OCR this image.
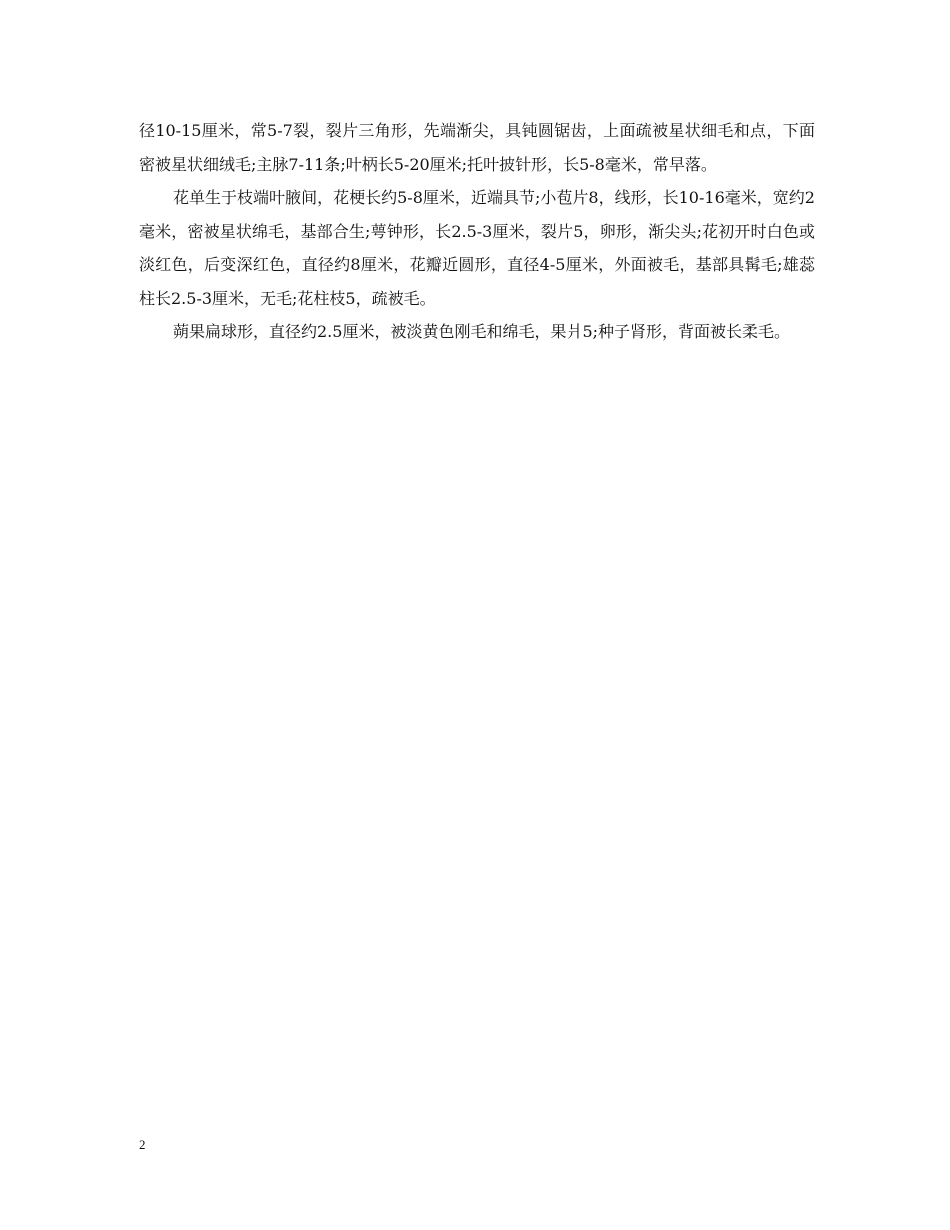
径10-15厘米，常5-7裂，裂片三角形，先端渐尖，具钝圆锯齿，上面疏被星状细毛和点，下面密被星状细绒毛;主脉7-11条;叶柄长5-20厘米;托叶披针形，长5-8毫米，常早落。

花单生于枝端叶腋间，花梗长约5-8厘米，近端具节;小苞片8，线形，长10-16毫米，宽约2毫米，密被星状绵毛，基部合生;萼钟形，长2.5-3厘米，裂片5，卵形，渐尖头;花初开时白色或淡红色，后变深红色，直径约8厘米，花瓣近圆形，直径4-5厘米，外面被毛，基部具髯毛;雄蕊柱长2.5-3厘米，无毛;花柱枝5，疏被毛。

蒴果扁球形，直径约2.5厘米，被淡黄色刚毛和绵毛，果爿5;种子肾形，背面被长柔毛。

2
